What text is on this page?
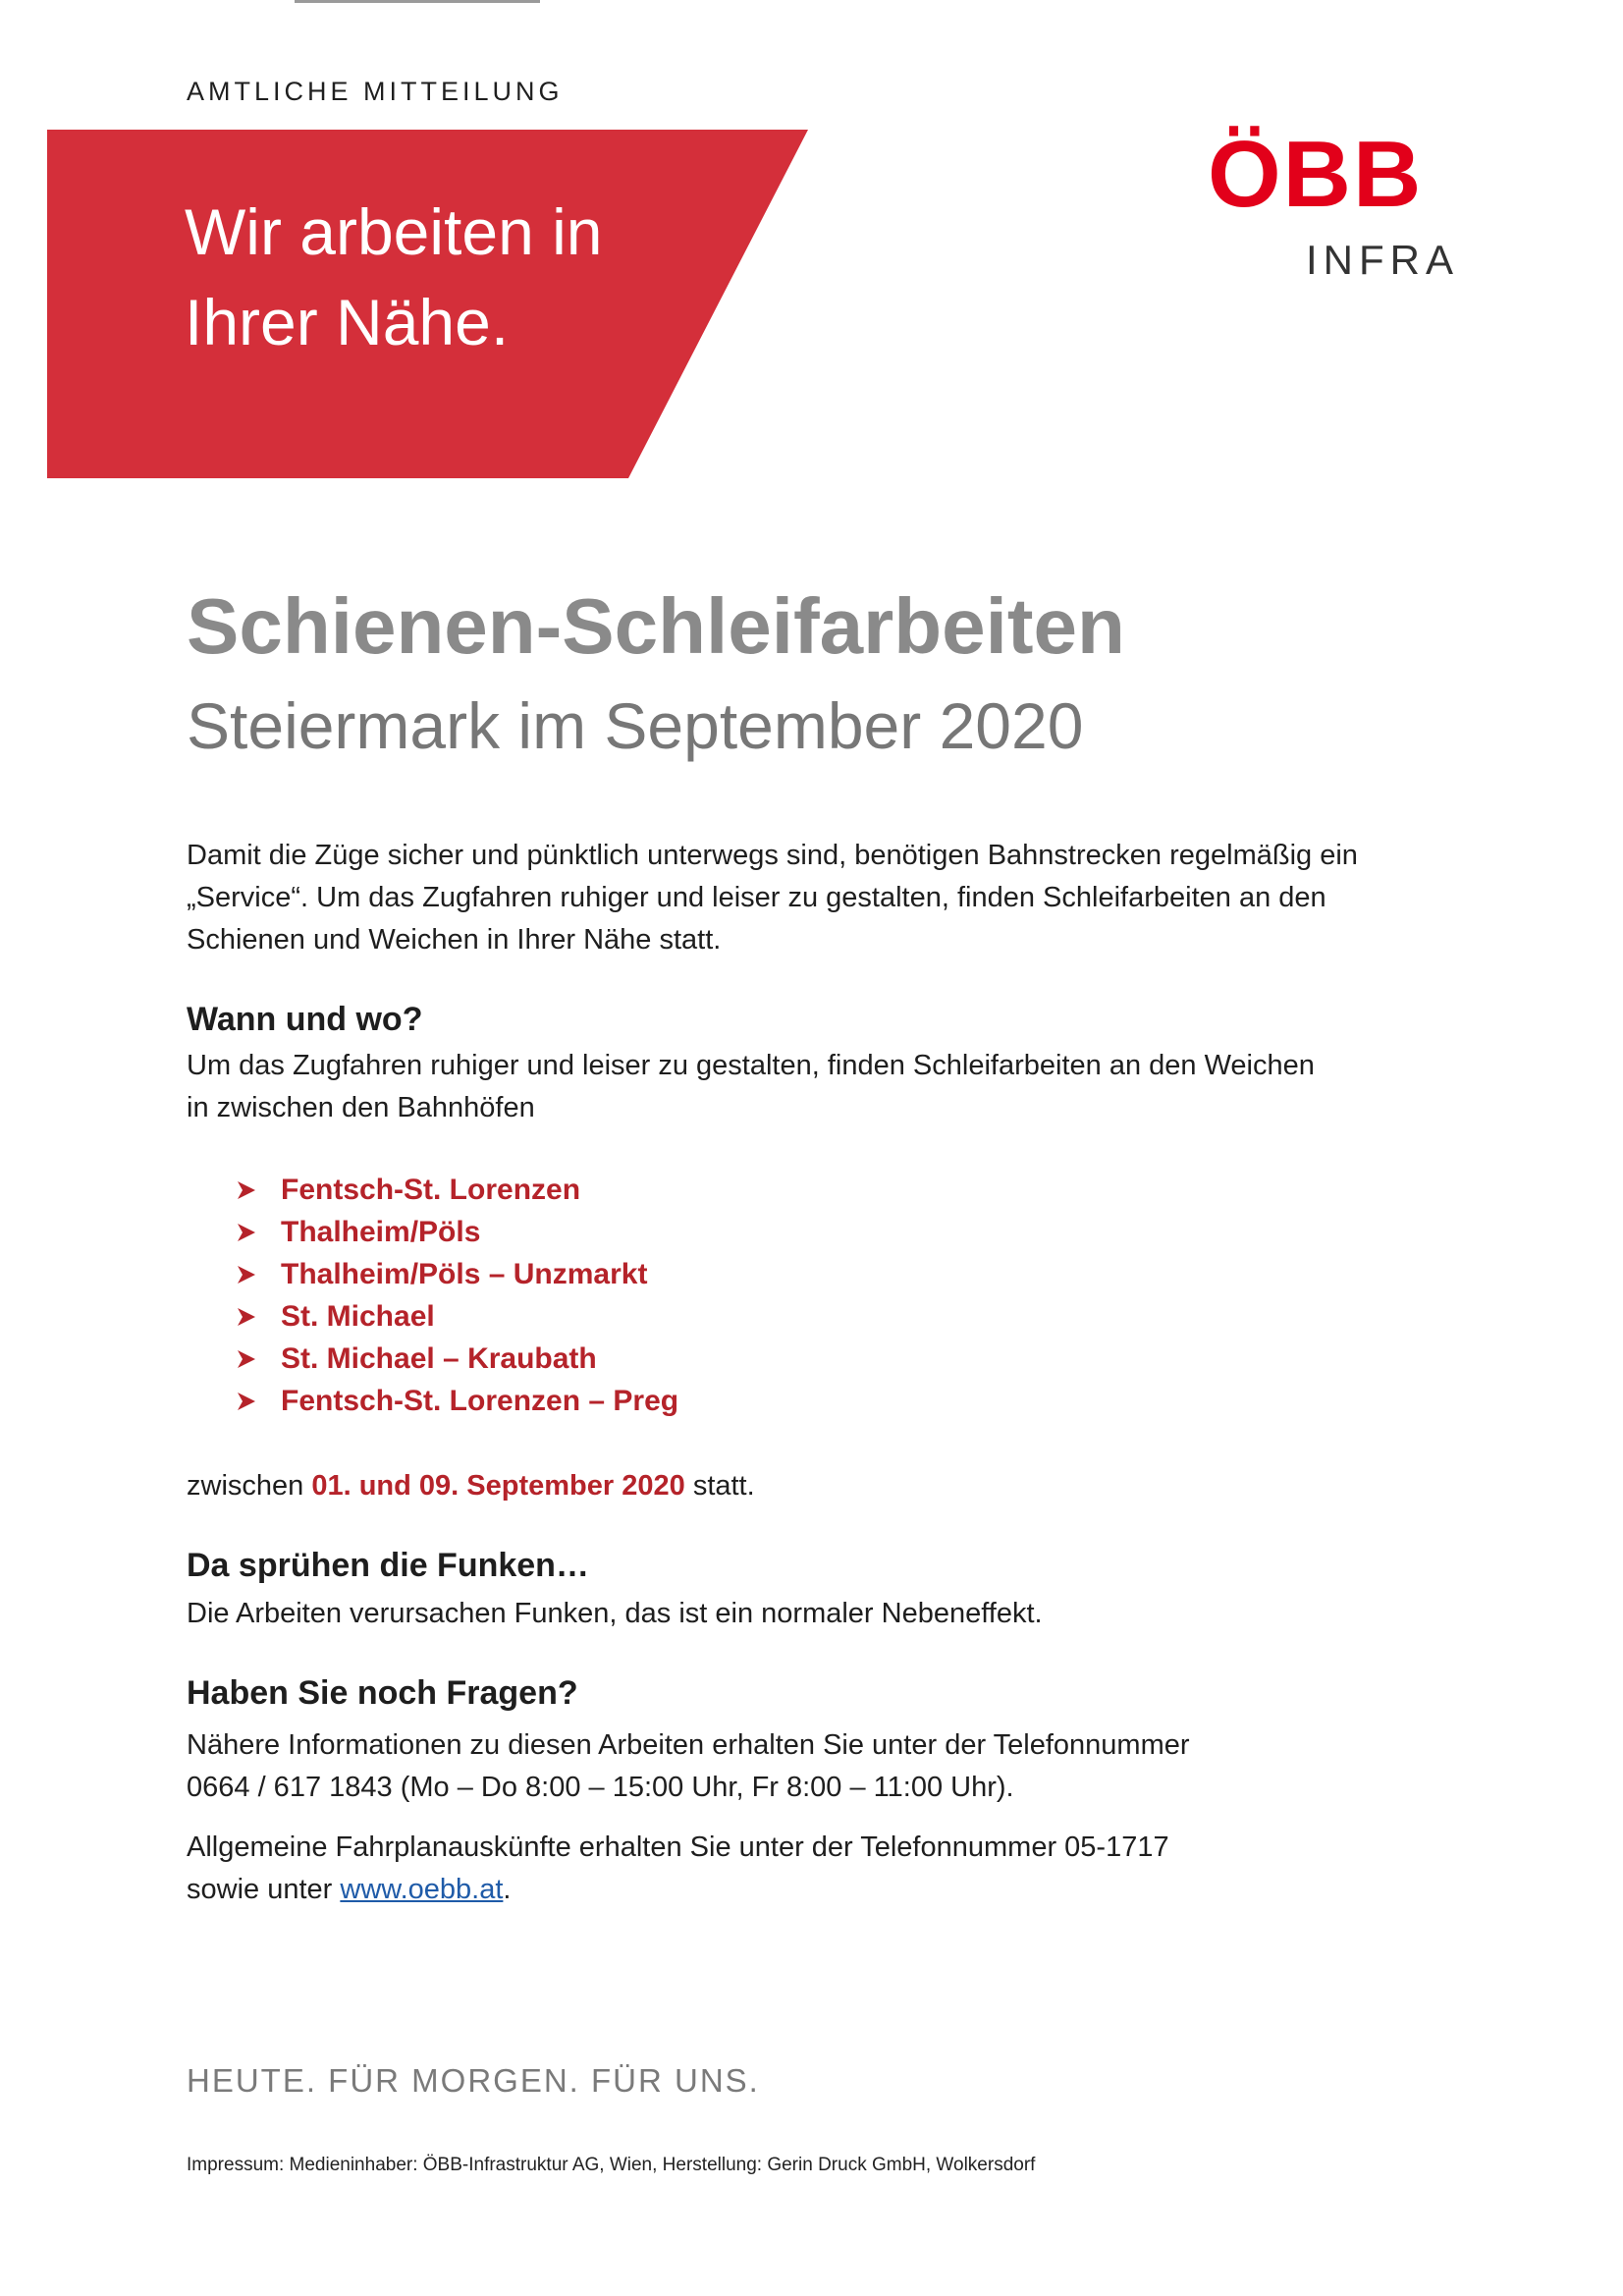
AMTLICHE MITTEILUNG
Wir arbeiten in
Ihrer Nähe.
ÖBB
INFRA
Schienen-Schleifarbeiten
Steiermark im September 2020
Damit die Züge sicher und pünktlich unterwegs sind, benötigen Bahnstrecken regelmäßig ein
„Service“. Um das Zugfahren ruhiger und leiser zu gestalten, finden Schleifarbeiten an den
Schienen und Weichen in Ihrer Nähe statt.
Wann und wo?
Um das Zugfahren ruhiger und leiser zu gestalten, finden Schleifarbeiten an den Weichen
in zwischen den Bahnhöfen
Fentsch-St. Lorenzen
Thalheim/Pöls
Thalheim/Pöls – Unzmarkt
St. Michael
St. Michael – Kraubath
Fentsch-St. Lorenzen – Preg
zwischen 01. und 09. September 2020 statt.
Da sprühen die Funken…
Die Arbeiten verursachen Funken, das ist ein normaler Nebeneffekt.
Haben Sie noch Fragen?
Nähere Informationen zu diesen Arbeiten erhalten Sie unter der Telefonnummer
0664 / 617 1843 (Mo – Do 8:00 – 15:00 Uhr, Fr 8:00 – 11:00 Uhr).
Allgemeine Fahrplanauskünfte erhalten Sie unter der Telefonnummer 05-1717
sowie unter www.oebb.at.
HEUTE. FÜR MORGEN. FÜR UNS.
Impressum: Medieninhaber: ÖBB-Infrastruktur AG, Wien, Herstellung: Gerin Druck GmbH, Wolkersdorf
